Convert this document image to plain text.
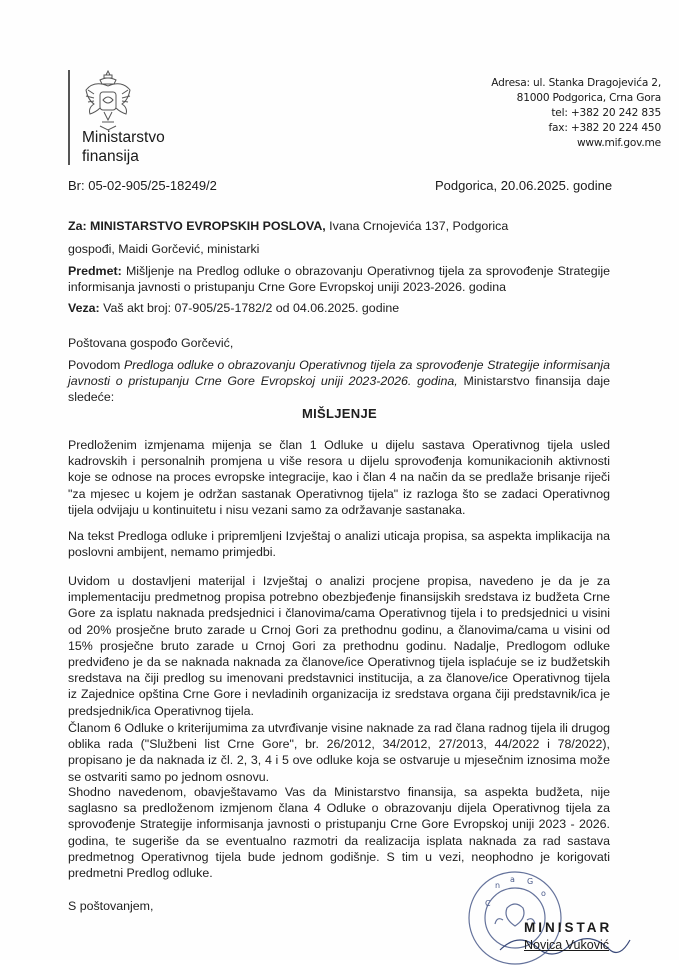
Ministarstvo
finansija
Br: 05-02-905/25-18249/2
Adresa: ul. Stanka Dragojevića 2,
81000 Podgorica, Crna Gora
tel: +382 20 242 835
fax: +382 20 224 450
www.mif.gov.me
Podgorica, 20.06.2025. godine
Za: MINISTARSTVO EVROPSKIH POSLOVA, Ivana Crnojevića 137, Podgorica
gospođi, Maidi Gorčević, ministarki
Predmet: Mišljenje na Predlog odluke o obrazovanju Operativnog tijela za sprovođenje Strategije informisanja javnosti o pristupanju Crne Gore Evropskoj uniji 2023-2026. godina
Veza: Vaš akt broj: 07-905/25-1782/2 od 04.06.2025. godine
Poštovana gospođo Gorčević,
Povodom Predloga odluke o obrazovanju Operativnog tijela za sprovođenje Strategije informisanja javnosti o pristupanju Crne Gore Evropskoj uniji 2023-2026. godina, Ministarstvo finansija daje sledeće:
MIŠLJENJE
Predloženim izmjenama mijenja se član 1 Odluke u dijelu sastava Operativnog tijela usled kadrovskih i personalnih promjena u više resora u dijelu sprovođenja komunikacionih aktivnosti koje se odnose na proces evropske integracije, kao i član 4 na način da se predlaže brisanje riječi "za mjesec u kojem je održan sastanak Operativnog tijela" iz razloga što se zadaci Operativnog tijela odvijaju u kontinuitetu i nisu vezani samo za održavanje sastanaka.
Na tekst Predloga odluke i pripremljeni Izvještaj o analizi uticaja propisa, sa aspekta implikacija na poslovni ambijent, nemamo primjedbi.
Uvidom u dostavljeni materijal i Izvještaj o analizi procjene propisa, navedeno je da je za implementaciju predmetnog propisa potrebno obezbjeđenje finansijskih sredstava iz budžeta Crne Gore za isplatu naknada predsjednici i članovima/cama Operativnog tijela i to predsjednici u visini od 20% prosječne bruto zarade u Crnoj Gori za prethodnu godinu, a članovima/cama u visini od 15% prosječne bruto zarade u Crnoj Gori za prethodnu godinu. Nadalje, Predlogom odluke predviđeno je da se naknada naknada za članove/ice Operativnog tijela isplaćuje se iz budžetskih sredstava na čiji predlog su imenovani predstavnici institucija, a za članove/ice Operativnog tijela iz Zajednice opština Crne Gore i nevladinih organizacija iz sredstava organa čiji predstavnik/ica je predsjednik/ica Operativnog tijela.
Članom 6 Odluke o kriterijumima za utvrđivanje visine naknade za rad člana radnog tijela ili drugog oblika rada ("Službeni list Crne Gore", br. 26/2012, 34/2012, 27/2013, 44/2022 i 78/2022), propisano je da naknada iz čl. 2, 3, 4 i 5 ove odluke koja se ostvaruje u mjesečnim iznosima može se ostvariti samo po jednom osnovu.
Shodno navedenom, obavještavamo Vas da Ministarstvo finansija, sa aspekta budžeta, nije saglasno sa predloženom izmjenom člana 4 Odluke o obrazovanju dijela Operativnog tijela za sprovođenje Strategije informisanja javnosti o pristupanju Crne Gore Evropskoj uniji 2023 - 2026. godina, te sugeriše da se eventualno razmotri da realizacija isplata naknada za rad sastava predmetnog Operativnog tijela bude jednom godišnje. S tim u vezi, neophodno je korigovati predmetni Predlog odluke.
S poštovanjem,	C
n
a G
o
MINISTAR
Novica Vuković
